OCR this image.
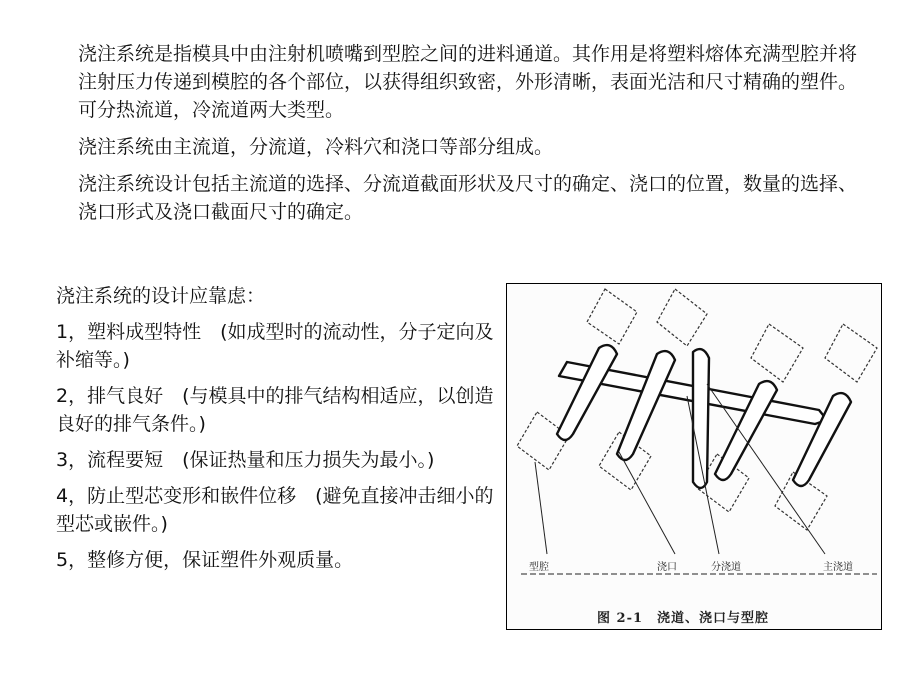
浇注系统是指模具中由注射机喷嘴到型腔之间的进料通道。其作用是将塑料熔体充满型腔并将注射压力传递到模腔的各个部位，以获得组织致密，外形清晰，表面光洁和尺寸精确的塑件。可分热流道，冷流道两大类型。

浇注系统由主流道，分流道，冷料穴和浇口等部分组成。

浇注系统设计包括主流道的选择、分流道截面形状及尺寸的确定、浇口的位置，数量的选择、浇口形式及浇口截面尺寸的确定。

浇注系统的设计应靠虑：

1，塑料成型特性　(如成型时的流动性，分子定向及补缩等。)

2，排气良好　(与模具中的排气结构相适应，以创造良好的排气条件。)

3，流程要短　(保证热量和压力损失为最小。)

4，防止型芯变形和嵌件位移　(避免直接冲击细小的型芯或嵌件。)

5，整修方便，保证塑件外观质量。	型腔	浇口	分浇道	主浇道
图 2-1　浇道、浇口与型腔
